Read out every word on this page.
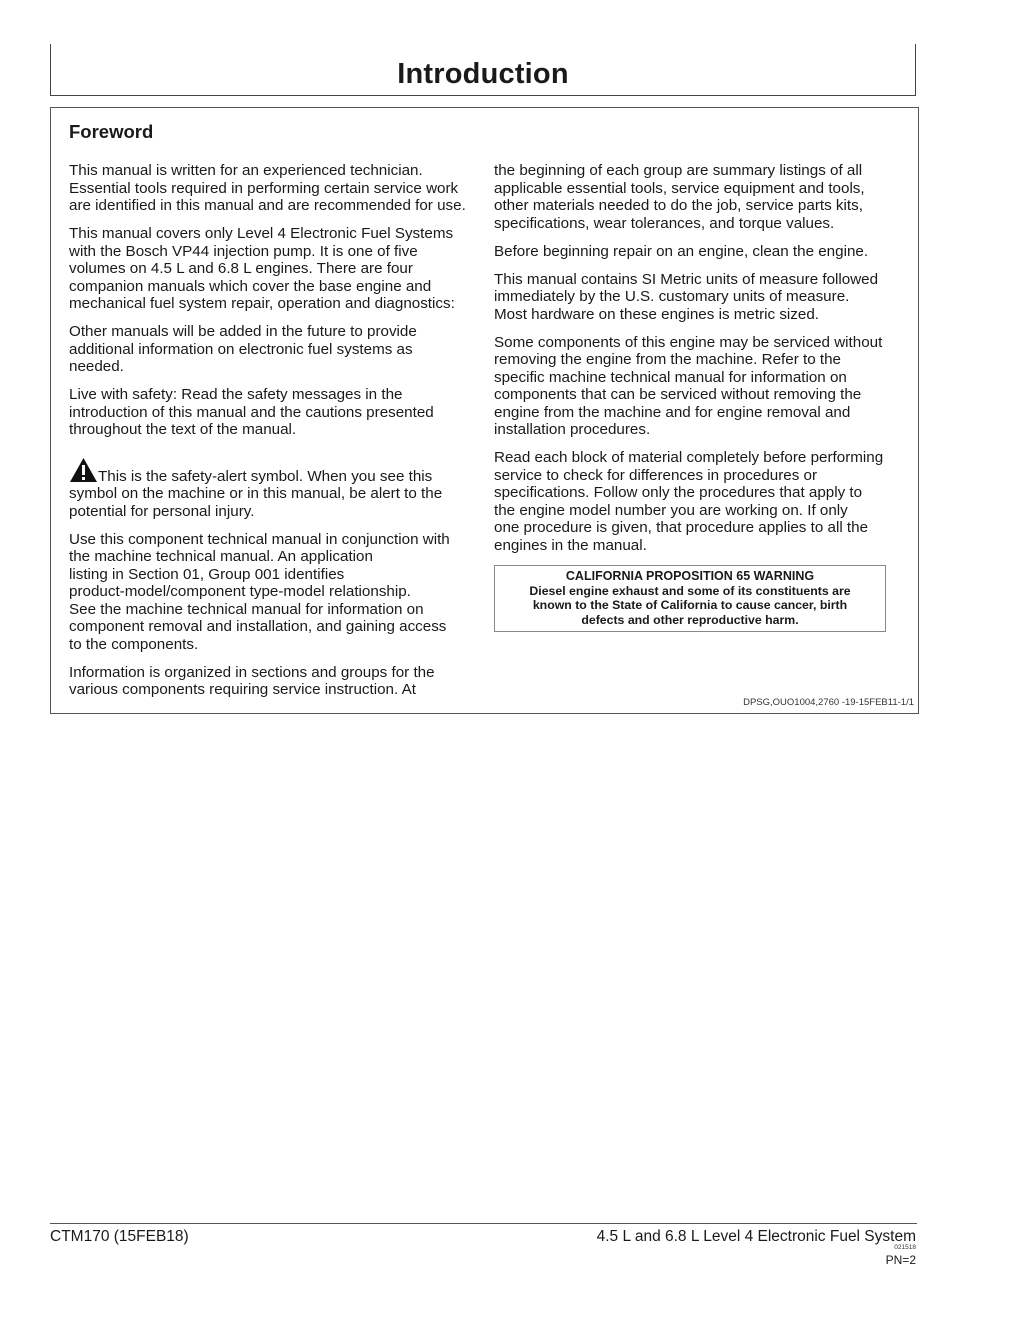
Introduction
Foreword

This manual is written for an experienced technician.
Essential tools required in performing certain service work
are identified in this manual and are recommended for use.

This manual covers only Level 4 Electronic Fuel Systems
with the Bosch VP44 injection pump. It is one of five
volumes on 4.5 L and 6.8 L engines. There are four
companion manuals which cover the base engine and
mechanical fuel system repair, operation and diagnostics:

Other manuals will be added in the future to provide
additional information on electronic fuel systems as
needed.

Live with safety: Read the safety messages in the
introduction of this manual and the cautions presented
throughout the text of the manual.

This is the safety-alert symbol. When you see this
symbol on the machine or in this manual, be alert to the
potential for personal injury.

Use this component technical manual in conjunction with
the machine technical manual. An application
listing in Section 01, Group 001 identifies
product-model/component type-model relationship.
See the machine technical manual for information on
component removal and installation, and gaining access
to the components.

Information is organized in sections and groups for the
various components requiring service instruction. At

the beginning of each group are summary listings of all
applicable essential tools, service equipment and tools,
other materials needed to do the job, service parts kits,
specifications, wear tolerances, and torque values.

Before beginning repair on an engine, clean the engine.

This manual contains SI Metric units of measure followed
immediately by the U.S. customary units of measure.
Most hardware on these engines is metric sized.

Some components of this engine may be serviced without
removing the engine from the machine. Refer to the
specific machine technical manual for information on
components that can be serviced without removing the
engine from the machine and for engine removal and
installation procedures.

Read each block of material completely before performing
service to check for differences in procedures or
specifications. Follow only the procedures that apply to
the engine model number you are working on. If only
one procedure is given, that procedure applies to all the
engines in the manual.

CALIFORNIA PROPOSITION 65 WARNING
Diesel engine exhaust and some of its constituents are
known to the State of California to cause cancer, birth
defects and other reproductive harm.
DPSG,OUO1004,2760 -19-15FEB11-1/1
CTM170 (15FEB18)	4.5 L and 6.8 L Level 4 Electronic Fuel System
021518
PN=2
